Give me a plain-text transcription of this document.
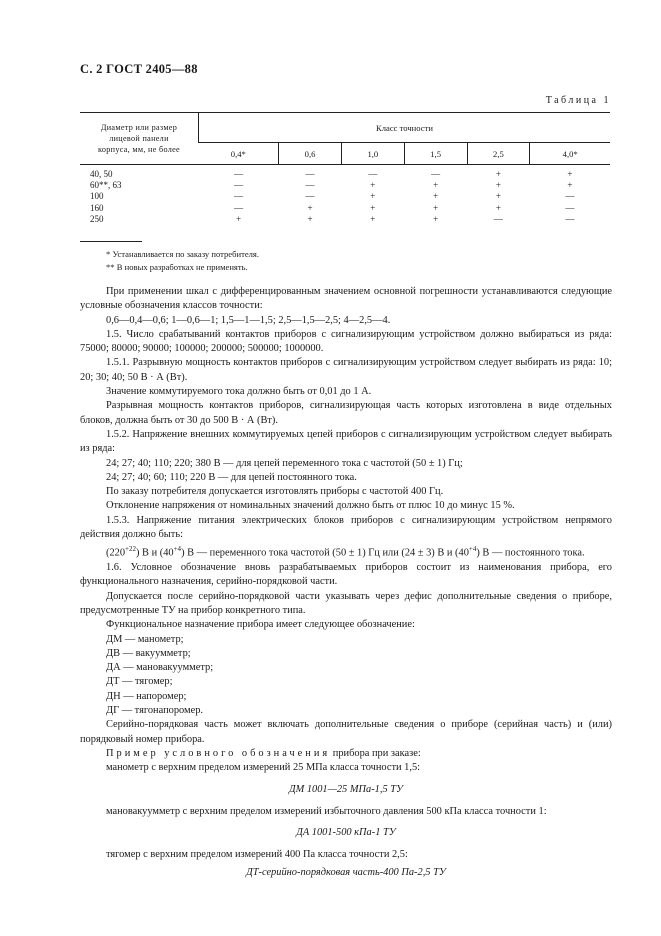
С. 2 ГОСТ 2405—88
Таблица 1
Диаметр или размер
лицевой панели
корпуса, мм, не более	Класс точности					
	0,4*	0,6	1,0	1,5	2,5	4,0*
40, 50	—	—	—	—	+	+
60**, 63	—	—	+	+	+	+
100	—	—	+	+	+	—
160	—	+	+	+	+	—
250	+	+	+	+	—	—
* Устанавливается по заказу потребителя.
** В новых разработках не применять.

При применении шкал с дифференцированным значением основной погрешности устанавливаются следующие условные обозначения классов точности:

0,6—0,4—0,6; 1—0,6—1; 1,5—1—1,5; 2,5—1,5—2,5; 4—2,5—4.

1.5. Число срабатываний контактов приборов с сигнализирующим устройством должно выбираться из ряда: 75000; 80000; 90000; 100000; 200000; 500000; 1000000.

1.5.1. Разрывную мощность контактов приборов с сигнализирующим устройством следует выбирать из ряда: 10; 20; 30; 40; 50 В · А (Вт).

Значение коммутируемого тока должно быть от 0,01 до 1 А.

Разрывная мощность контактов приборов, сигнализирующая часть которых изготовлена в виде отдельных блоков, должна быть от 30 до 500 В · А (Вт).

1.5.2. Напряжение внешних коммутируемых цепей приборов с сигнализирующим устройством следует выбирать из ряда:

24; 27; 40; 110; 220; 380 В — для цепей переменного тока с частотой (50 ± 1) Гц;

24; 27; 40; 60; 110; 220 В — для цепей постоянного тока.

По заказу потребителя допускается изготовлять приборы с частотой 400 Гц.

Отклонение напряжения от номинальных значений должно быть от плюс 10 до минус 15 %.

1.5.3. Напряжение питания электрических блоков приборов с сигнализирующим устройством непрямого действия должно быть:

$(220^{+22})$ В и $(40^{+4})$ В — переменного тока частотой (50 ± 1) Гц или (24 ± 3) В и $(40^{+4})$ В — постоянного тока.

1.6. Условное обозначение вновь разрабатываемых приборов состоит из наименования прибора, его функционального назначения, серийно-порядковой части.

Допускается после серийно-порядковой части указывать через дефис дополнительные сведения о приборе, предусмотренные ТУ на прибор конкретного типа.

Функциональное назначение прибора имеет следующее обозначение:

ДМ — манометр;

ДВ — вакуумметр;

ДА — мановакуумметр;

ДТ — тягомер;

ДН — напоромер;

ДГ — тягонапоромер.

Серийно-порядковая часть может включать дополнительные сведения о приборе (серийная часть) и (или) порядковый номер прибора.

Пример условного обозначения прибора при заказе:

манометр с верхним пределом измерений 25 МПа класса точности 1,5:

ДМ 1001—25 МПа-1,5 ТУ

мановакуумметр с верхним пределом измерений избыточного давления 500 кПа класса точности 1:

ДА 1001-500 кПа-1 ТУ

тягомер с верхним пределом измерений 400 Па класса точности 2,5:

ДТ-серийно-порядковая часть-400 Па-2,5 ТУ
